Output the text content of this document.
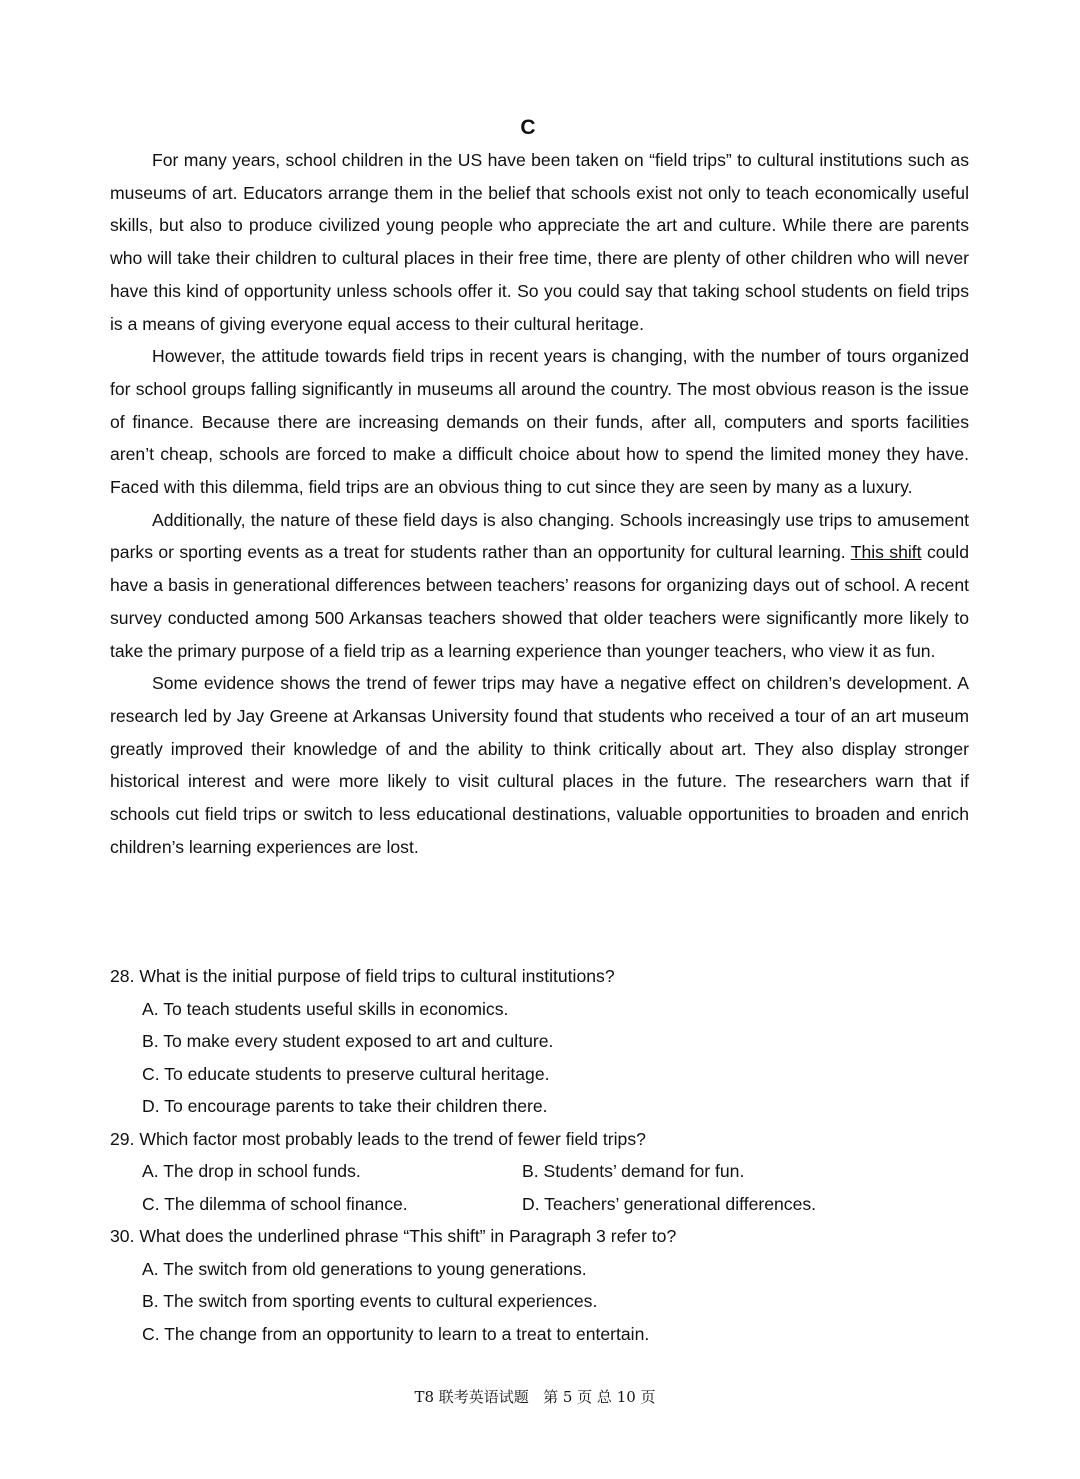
C

For many years, school children in the US have been taken on “field trips” to cultural institutions such as museums of art. Educators arrange them in the belief that schools exist not only to teach economically useful skills, but also to produce civilized young people who appreciate the art and culture. While there are parents who will take their children to cultural places in their free time, there are plenty of other children who will never have this kind of opportunity unless schools offer it. So you could say that taking school students on field trips is a means of giving everyone equal access to their cultural heritage.

However, the attitude towards field trips in recent years is changing, with the number of tours organized for school groups falling significantly in museums all around the country. The most obvious reason is the issue of finance. Because there are increasing demands on their funds, after all, computers and sports facilities aren’t cheap, schools are forced to make a difficult choice about how to spend the limited money they have. Faced with this dilemma, field trips are an obvious thing to cut since they are seen by many as a luxury.

Additionally, the nature of these field days is also changing. Schools increasingly use trips to amusement parks or sporting events as a treat for students rather than an opportunity for cultural learning. This shift could have a basis in generational differences between teachers’ reasons for organizing days out of school. A recent survey conducted among 500 Arkansas teachers showed that older teachers were significantly more likely to take the primary purpose of a field trip as a learning experience than younger teachers, who view it as fun.

Some evidence shows the trend of fewer trips may have a negative effect on children’s development. A research led by Jay Greene at Arkansas University found that students who received a tour of an art museum greatly improved their knowledge of and the ability to think critically about art. They also display stronger historical interest and were more likely to visit cultural places in the future. The researchers warn that if schools cut field trips or switch to less educational destinations, valuable opportunities to broaden and enrich children’s learning experiences are lost.

28. What is the initial purpose of field trips to cultural institutions?

A. To teach students useful skills in economics.

B. To make every student exposed to art and culture.

C. To educate students to preserve cultural heritage.

D. To encourage parents to take their children there.

29. Which factor most probably leads to the trend of fewer field trips?

A. The drop in school funds.	B. Students’ demand for fun.
C. The dilemma of school finance.	D. Teachers’ generational differences.

30. What does the underlined phrase “This shift” in Paragraph 3 refer to?

A. The switch from old generations to young generations.

B. The switch from sporting events to cultural experiences.

C. The change from an opportunity to learn to a treat to entertain.

T8 联考英语试题   第 5 页 总 10 页
